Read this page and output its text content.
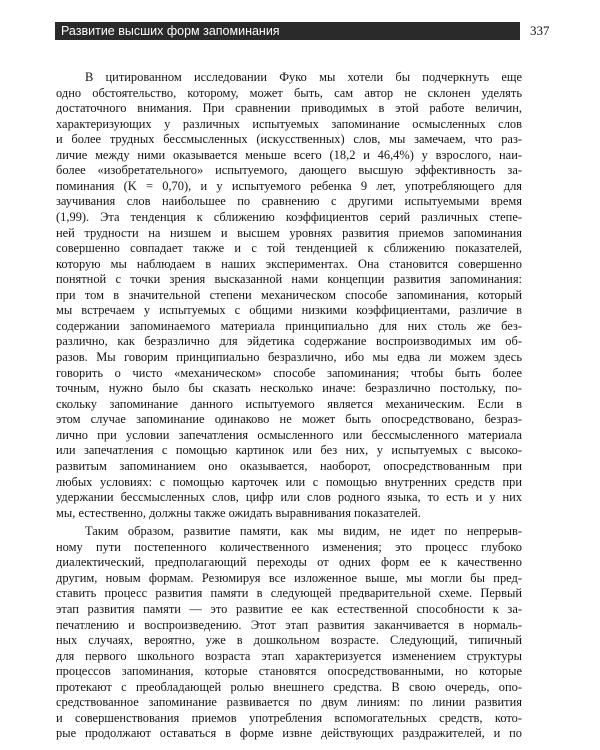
Развитие высших форм запоминания	337
В цитированном исследовании Фуко мы хотели бы подчеркнуть еще
одно обстоятельство, которому, может быть, сам автор не склонен уделять
достаточного внимания. При сравнении приводимых в этой работе величин,
характеризующих у различных испытуемых запоминание осмысленных слов
и более трудных бессмысленных (искусственных) слов, мы замечаем, что раз-
личие между ними оказывается меньше всего (18,2 и 46,4%) у взрослого, наи-
более «изобретательного» испытуемого, дающего высшую эффективность за-
поминания (K = 0,70), и у испытуемого ребенка 9 лет, употребляющего для
заучивания слов наибольшее по сравнению с другими испытуемыми время
(1,99). Эта тенденция к сближению коэффициентов серий различных степе-
ней трудности на низшем и высшем уровнях развития приемов запоминания
совершенно совпадает также и с той тенденцией к сближению показателей,
которую мы наблюдаем в наших экспериментах. Она становится совершенно
понятной с точки зрения высказанной нами концепции развития запоминания:
при том в значительной степени механическом способе запоминания, который
мы встречаем у испытуемых с общими низкими коэффициентами, различие в
содержании запоминаемого материала принципиально для них столь же без-
различно, как безразлично для эйдетика содержание воспроизводимых им об-
разов. Мы говорим принципиально безразлично, ибо мы едва ли можем здесь
говорить о чисто «механическом» способе запоминания; чтобы быть более
точным, нужно было бы сказать несколько иначе: безразлично постольку, по-
скольку запоминание данного испытуемого является механическим. Если в
этом случае запоминание одинаково не может быть опосредствовано, безраз-
лично при условии запечатления осмысленного или бессмысленного материала
или запечатления с помощью картинок или без них, у испытуемых с высоко-
развитым запоминанием оно оказывается, наоборот, опосредствованным при
любых условиях: с помощью карточек или с помощью внутренних средств при
удержании бессмысленных слов, цифр или слов родного языка, то есть и у них
мы, естественно, должны также ожидать выравнивания показателей.
Таким образом, развитие памяти, как мы видим, не идет по непрерыв-
ному пути постепенного количественного изменения; это процесс глубоко
диалектический, предполагающий переходы от одних форм ее к качественно
другим, новым формам. Резюмируя все изложенное выше, мы могли бы пред-
ставить процесс развития памяти в следующей предварительной схеме. Первый
этап развития памяти — это развитие ее как естественной способности к за-
печатлению и воспроизведению. Этот этап развития заканчивается в нормаль-
ных случаях, вероятно, уже в дошкольном возрасте. Следующий, типичный
для первого школьного возраста этап характеризуется изменением структуры
процессов запоминания, которые становятся опосредствованными, но которые
протекают с преобладающей ролью внешнего средства. В свою очередь, опо-
средствованное запоминание развивается по двум линиям: по линии развития
и совершенствования приемов употребления вспомогательных средств, кото-
рые продолжают оставаться в форме извне действующих раздражителей, и по
